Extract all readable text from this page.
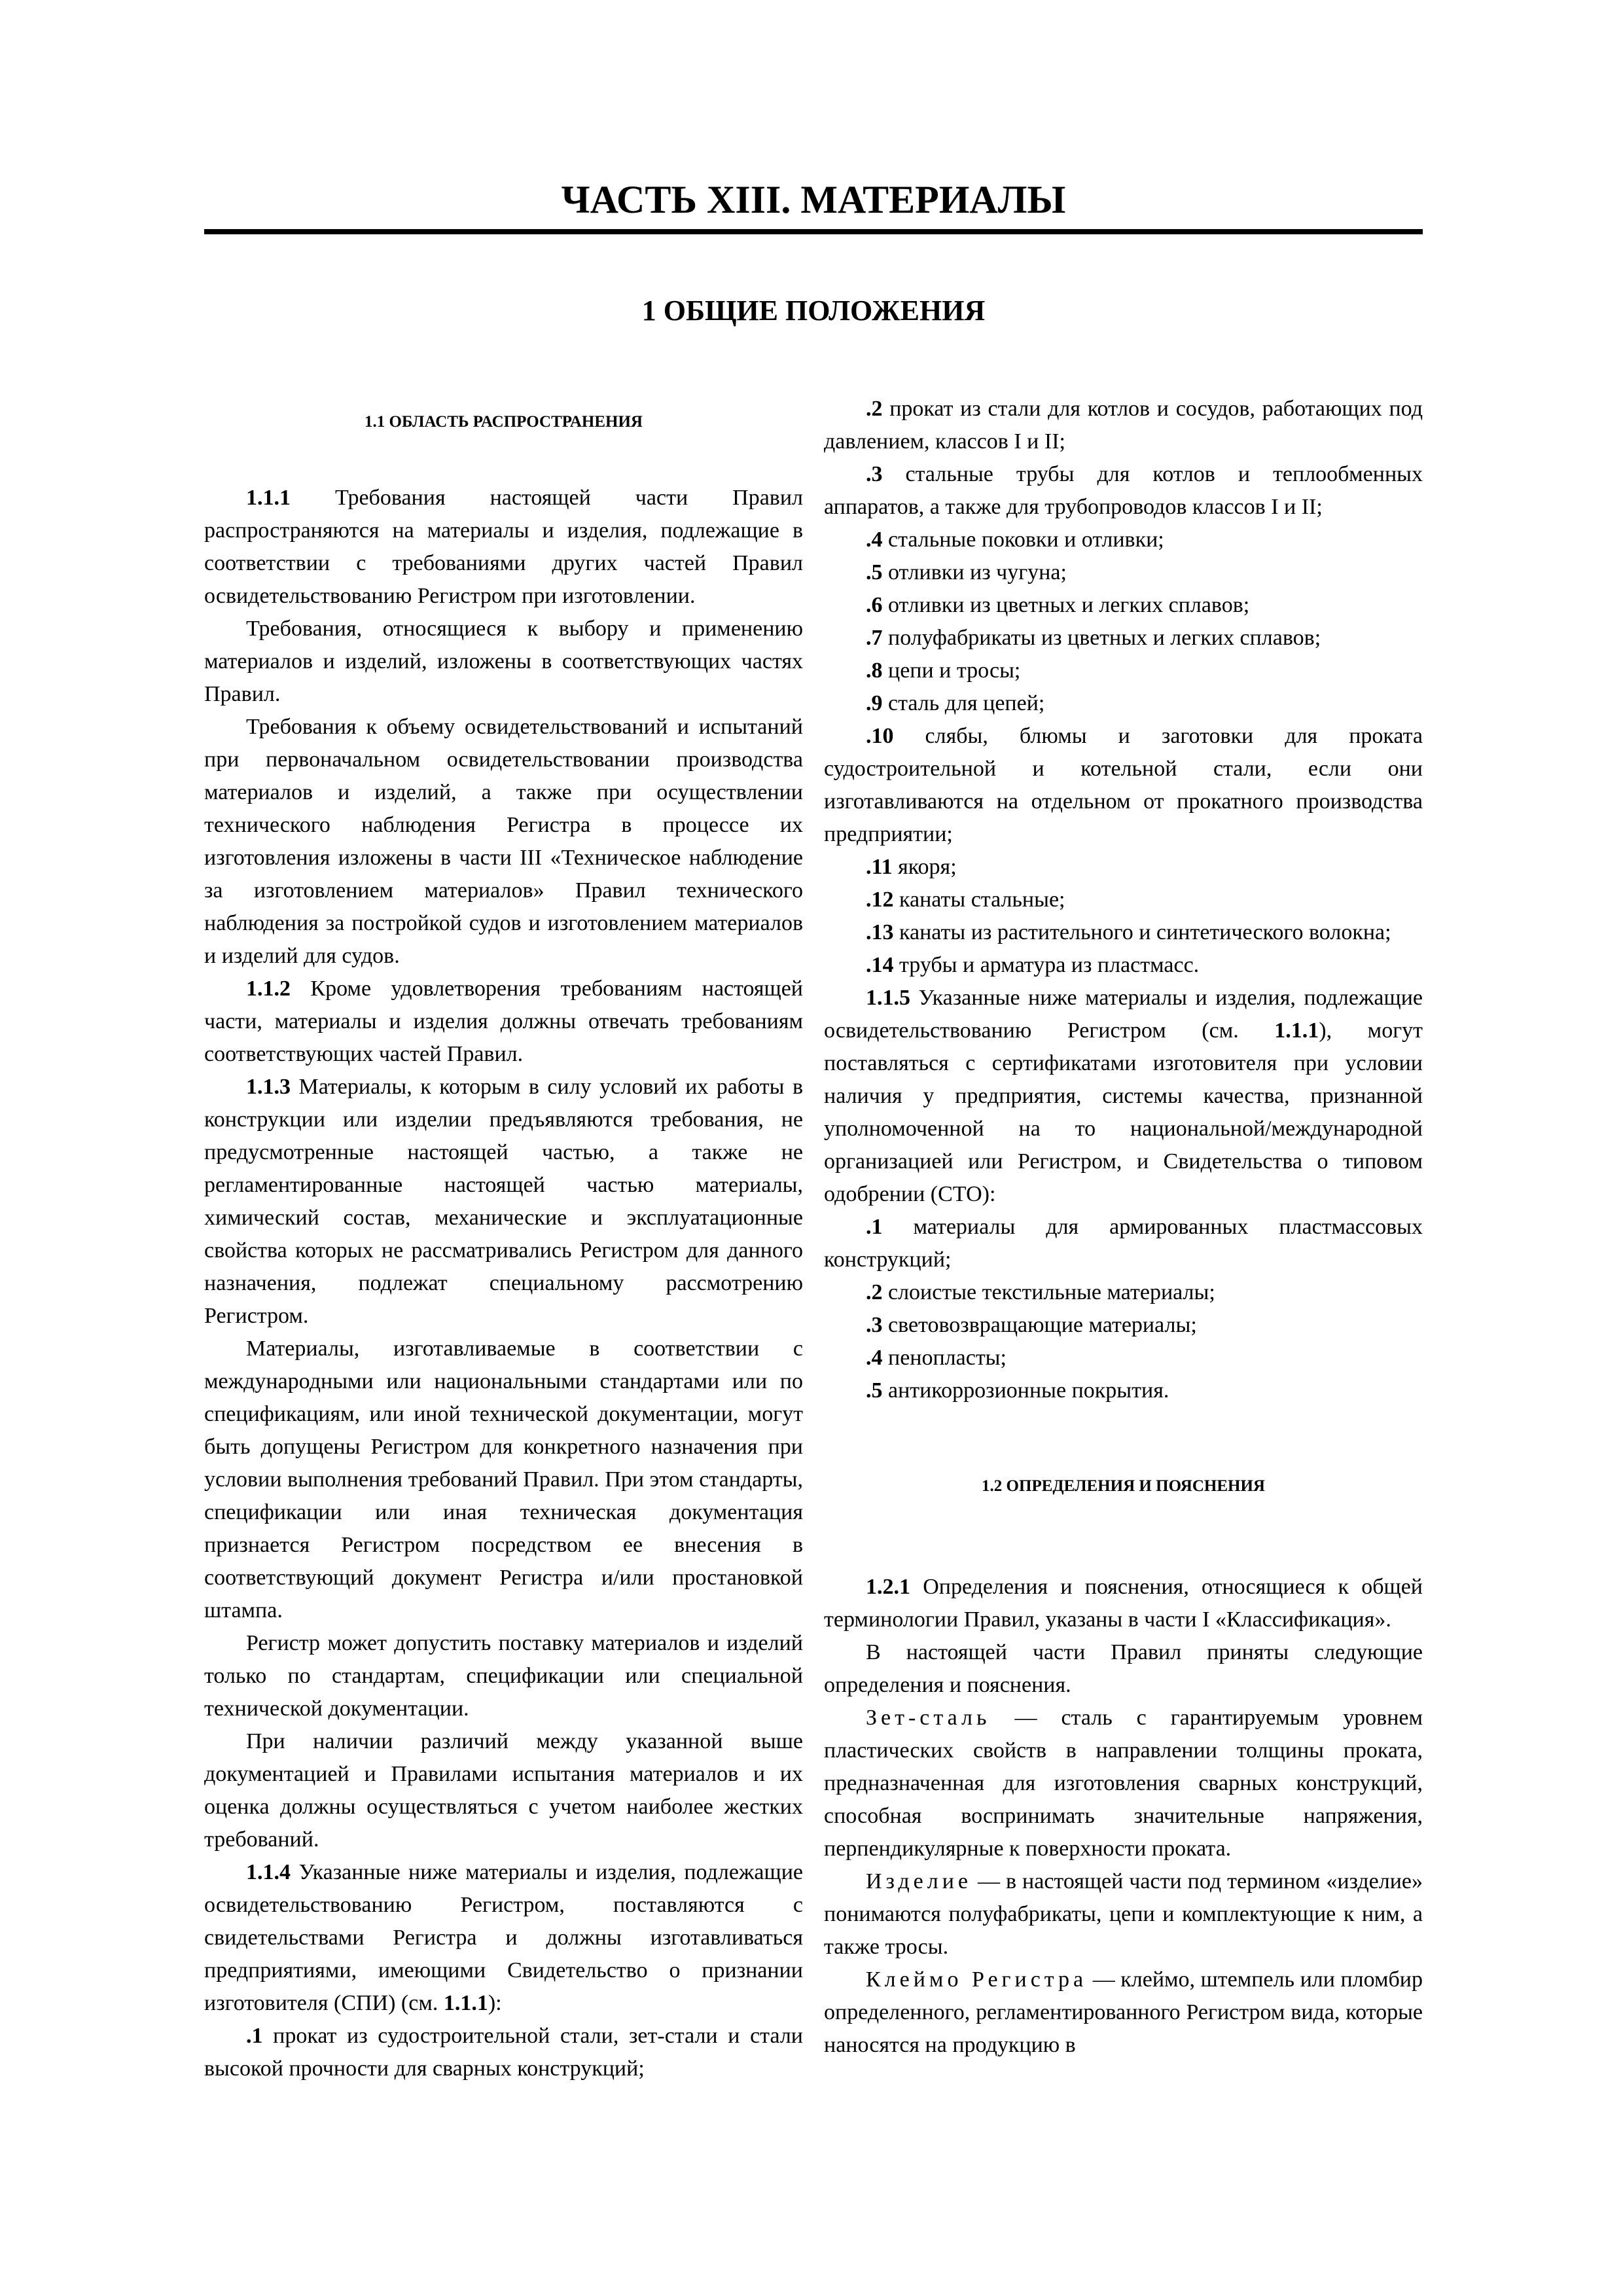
ЧАСТЬ XIII. МАТЕРИАЛЫ
1 ОБЩИЕ ПОЛОЖЕНИЯ

1.1 ОБЛАСТЬ РАСПРОСТРАНЕНИЯ

1.1.1 Требования настоящей части Правил распространяются на материалы и изделия, подлежащие в соответствии с требованиями других частей Правил освидетельствованию Регистром при изготовлении.

Требования, относящиеся к выбору и применению материалов и изделий, изложены в соответствующих частях Правил.

Требования к объему освидетельствований и испытаний при первоначальном освидетельствовании производства материалов и изделий, а также при осуществлении технического наблюдения Регистра в процессе их изготовления изложены в части III «Техническое наблюдение за изготовлением материалов» Правил технического наблюдения за постройкой судов и изготовлением материалов и изделий для судов.

1.1.2 Кроме удовлетворения требованиям настоящей части, материалы и изделия должны отвечать требованиям соответствующих частей Правил.

1.1.3 Материалы, к которым в силу условий их работы в конструкции или изделии предъявляются требования, не предусмотренные настоящей частью, а также не регламентированные настоящей частью материалы, химический состав, механические и эксплуатационные свойства которых не рассматривались Регистром для данного назначения, подлежат специальному рассмотрению Регистром.

Материалы, изготавливаемые в соответствии с международными или национальными стандартами или по спецификациям, или иной технической документации, могут быть допущены Регистром для конкретного назначения при условии выполнения требований Правил. При этом стандарты, спецификации или иная техническая документация признается Регистром посредством ее внесения в соответствующий документ Регистра и/или простановкой штампа.

Регистр может допустить поставку материалов и изделий только по стандартам, спецификации или специальной технической документации.

При наличии различий между указанной выше документацией и Правилами испытания материалов и их оценка должны осуществляться с учетом наиболее жестких требований.

1.1.4 Указанные ниже материалы и изделия, подлежащие освидетельствованию Регистром, поставляются с свидетельствами Регистра и должны изготавливаться предприятиями, имеющими Свидетельство о признании изготовителя (СПИ) (см. 1.1.1):

.1 прокат из судостроительной стали, зет-стали и стали высокой прочности для сварных конструкций;

.2 прокат из стали для котлов и сосудов, работающих под давлением, классов I и II;

.3 стальные трубы для котлов и теплообменных аппаратов, а также для трубопроводов классов I и II;

.4 стальные поковки и отливки;

.5 отливки из чугуна;

.6 отливки из цветных и легких сплавов;

.7 полуфабрикаты из цветных и легких сплавов;

.8 цепи и тросы;

.9 сталь для цепей;

.10 слябы, блюмы и заготовки для проката судостроительной и котельной стали, если они изготавливаются на отдельном от прокатного производства предприятии;

.11 якоря;

.12 канаты стальные;

.13 канаты из растительного и синтетического волокна;

.14 трубы и арматура из пластмасс.

1.1.5 Указанные ниже материалы и изделия, подлежащие освидетельствованию Регистром (см. 1.1.1), могут поставляться с сертификатами изготовителя при условии наличия у предприятия, системы качества, признанной уполномоченной на то национальной/международной организацией или Регистром, и Свидетельства о типовом одобрении (СТО):

.1 материалы для армированных пластмассовых конструкций;

.2 слоистые текстильные материалы;

.3 световозвращающие материалы;

.4 пенопласты;

.5 антикоррозионные покрытия.

1.2 ОПРЕДЕЛЕНИЯ И ПОЯСНЕНИЯ

1.2.1 Определения и пояснения, относящиеся к общей терминологии Правил, указаны в части I «Классификация».

В настоящей части Правил приняты следующие определения и пояснения.

Зет-сталь — сталь с гарантируемым уровнем пластических свойств в направлении толщины проката, предназначенная для изготовления сварных конструкций, способная воспринимать значительные напряжения, перпендикулярные к поверхности проката.

Изделие — в настоящей части под термином «изделие» понимаются полуфабрикаты, цепи и комплектующие к ним, а также тросы.

Клеймо Регистра — клеймо, штемпель или пломбир определенного, регламентированного Регистром вида, которые наносятся на продукцию в
